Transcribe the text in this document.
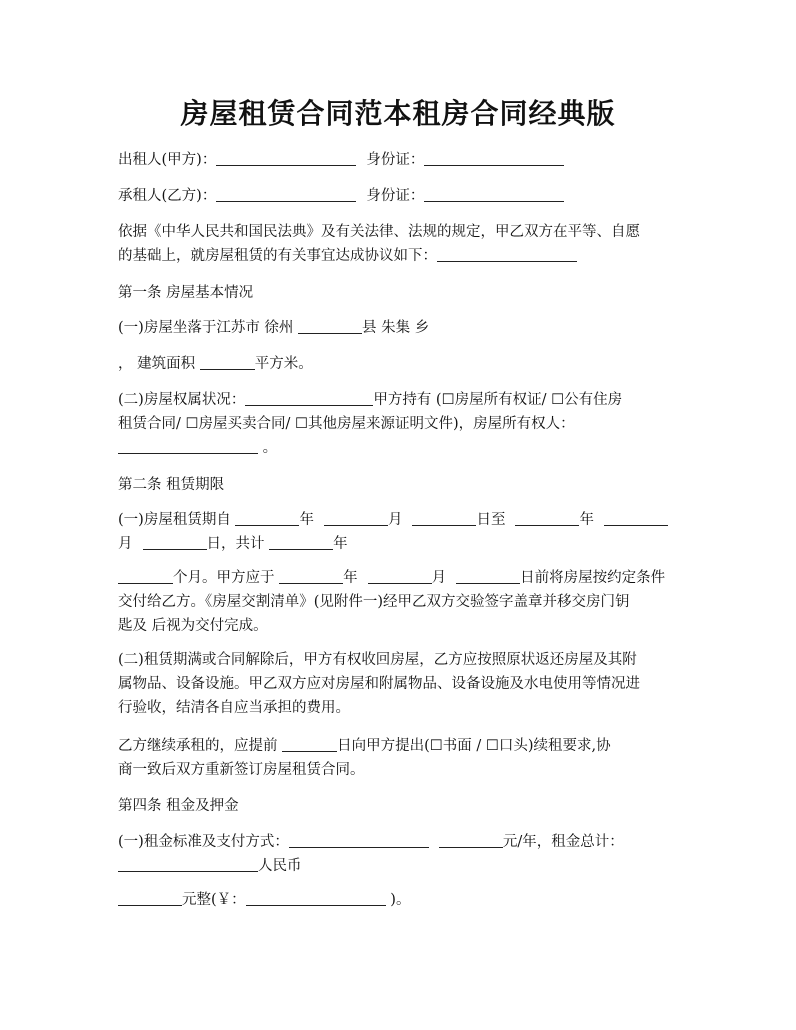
房屋租赁合同范本租房合同经典版

出租人(甲方)：	身份证：

承租人(乙方)：	身份证：

依据《中华人民共和国民法典》及有关法律、法规的规定，甲乙双方在平等、自愿
的基础上，就房屋租赁的有关事宜达成协议如下：

第一条 房屋基本情况

(一)房屋坐落于江苏市 徐州	县 朱集 乡

， 建筑面积	平方米。

(二)房屋权属状况：	甲方持有 (☐房屋所有权证/ ☐公有住房
租赁合同/ ☐房屋买卖合同/ ☐其他房屋来源证明文件)，房屋所有权人：
。

第二条 租赁期限

(一)房屋租赁期自	年	月	日至	年
月	日，共计	年

个月。甲方应于	年	月	日前将房屋按约定条件
交付给乙方。《房屋交割清单》(见附件一)经甲乙双方交验签字盖章并移交房门钥
匙及 后视为交付完成。

(二)租赁期满或合同解除后，甲方有权收回房屋，乙方应按照原状返还房屋及其附
属物品、设备设施。甲乙双方应对房屋和附属物品、设备设施及水电使用等情况进
行验收，结清各自应当承担的费用。

乙方继续承租的，应提前	日向甲方提出(☐书面 / ☐口头)续租要求,协
商一致后双方重新签订房屋租赁合同。

第四条 租金及押金

(一)租金标准及支付方式：	元/年，租金总计：
人民币

元整(￥：	)。
